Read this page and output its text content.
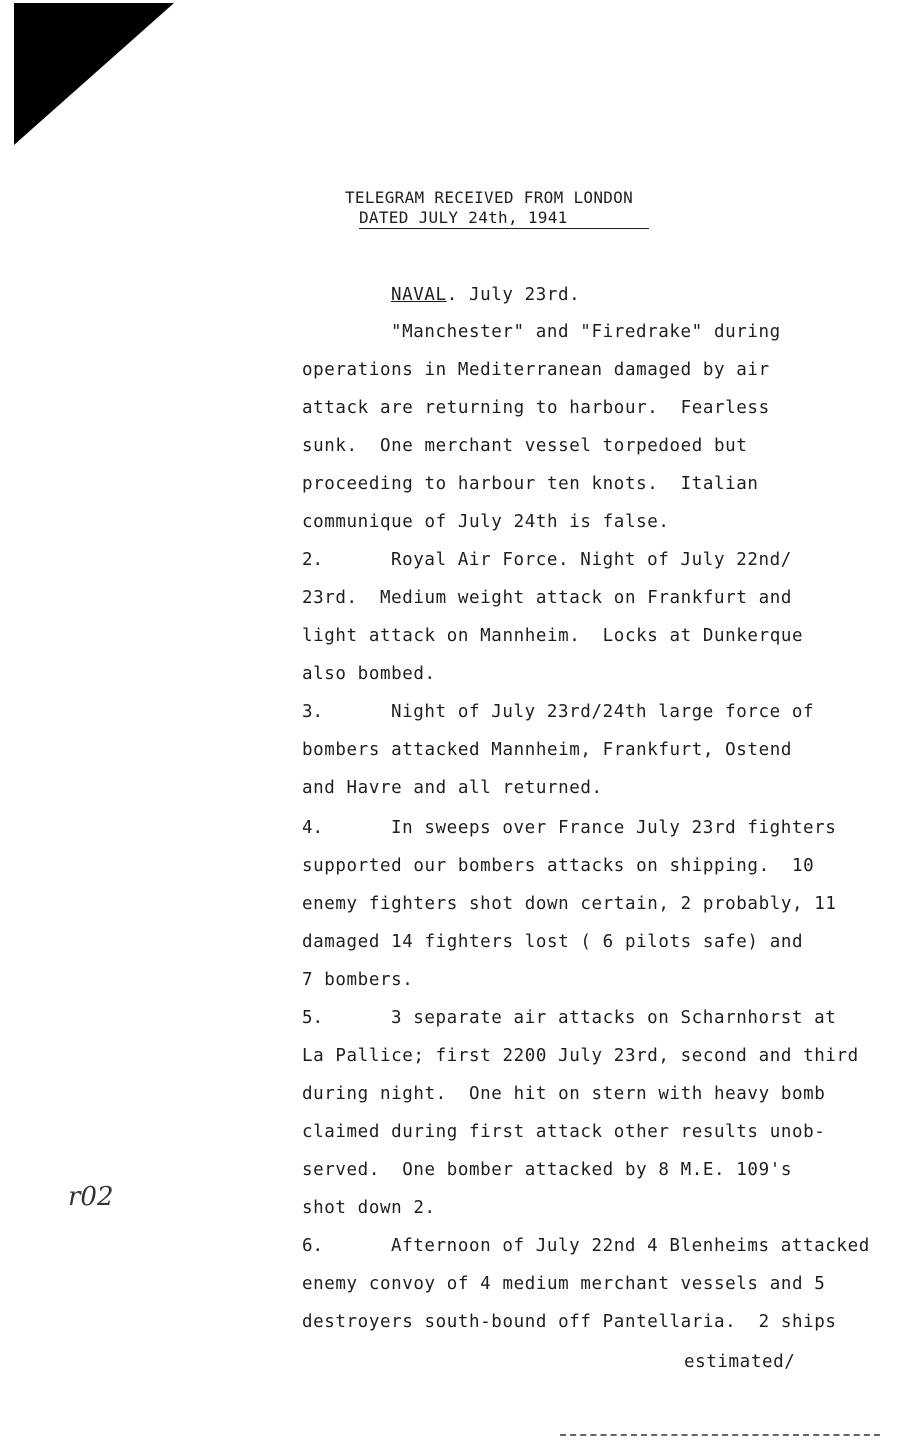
TELEGRAM RECEIVED FROM LONDON
DATED JULY 24th, 1941
NAVAL. July 23rd.
"Manchester" and "Firedrake" during
operations in Mediterranean damaged by air
attack are returning to harbour.  Fearless
sunk.  One merchant vessel torpedoed but
proceeding to harbour ten knots.  Italian
communique of July 24th is false.
2.	Royal Air Force. Night of July 22nd/
23rd.  Medium weight attack on Frankfurt and
light attack on Mannheim.  Locks at Dunkerque
also bombed.
3.	Night of July 23rd/24th large force of
bombers attacked Mannheim, Frankfurt, Ostend
and Havre and all returned.
4.	In sweeps over France July 23rd fighters
supported our bombers attacks on shipping.  10
enemy fighters shot down certain, 2 probably, 11
damaged 14 fighters lost ( 6 pilots safe) and
7 bombers.
5.	3 separate air attacks on Scharnhorst at
La Pallice; first 2200 July 23rd, second and third
during night.  One hit on stern with heavy bomb
claimed during first attack other results unob-
served.  One bomber attacked by 8 M.E. 109's
shot down 2.
6.	Afternoon of July 22nd 4 Blenheims attacked
enemy convoy of 4 medium merchant vessels and 5
destroyers south-bound off Pantellaria.  2 ships
estimated/
r02
